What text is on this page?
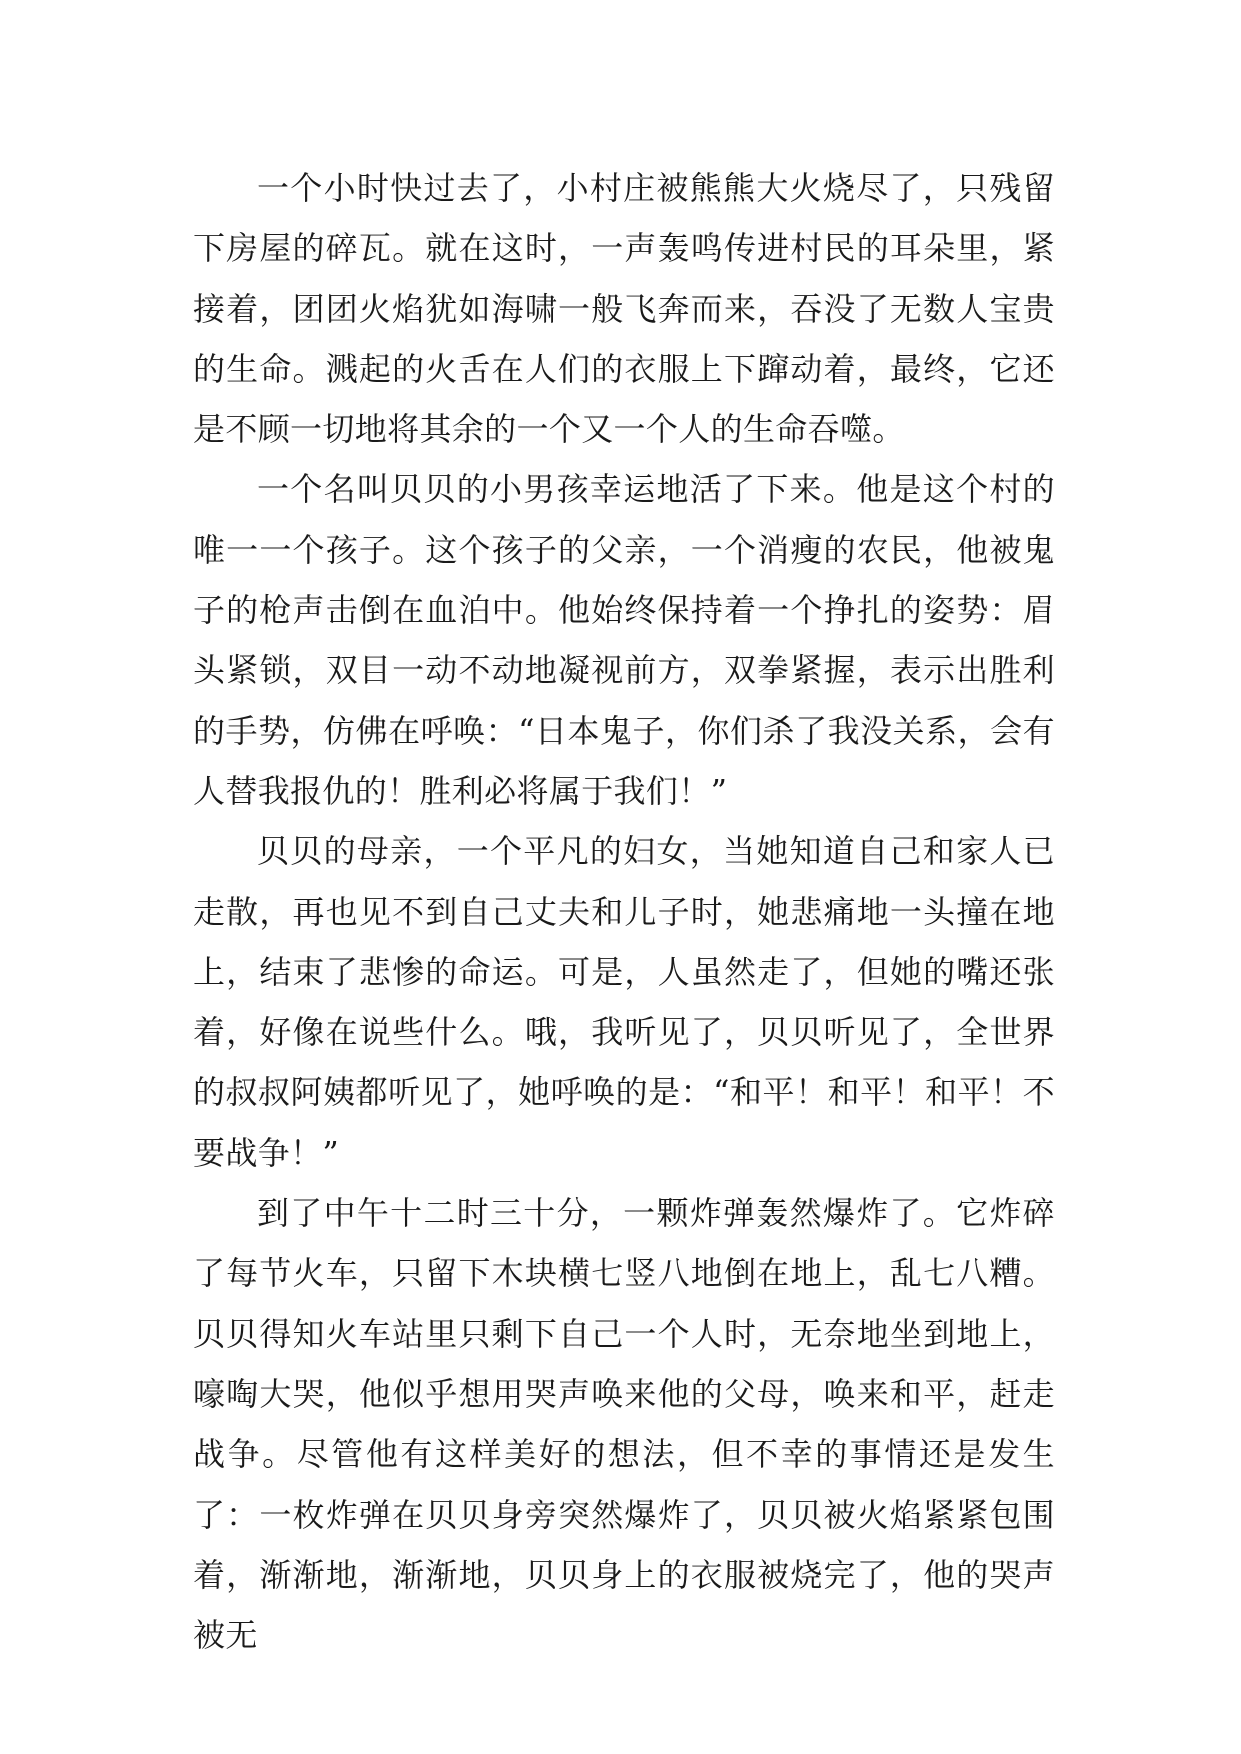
一个小时快过去了，小村庄被熊熊大火烧尽了，只残留下房屋的碎瓦。就在这时，一声轰鸣传进村民的耳朵里，紧接着，团团火焰犹如海啸一般飞奔而来，吞没了无数人宝贵的生命。溅起的火舌在人们的衣服上下蹿动着，最终，它还是不顾一切地将其余的一个又一个人的生命吞噬。

一个名叫贝贝的小男孩幸运地活了下来。他是这个村的唯一一个孩子。这个孩子的父亲，一个消瘦的农民，他被鬼子的枪声击倒在血泊中。他始终保持着一个挣扎的姿势：眉头紧锁，双目一动不动地凝视前方，双拳紧握，表示出胜利的手势，仿佛在呼唤：“日本鬼子，你们杀了我没关系，会有人替我报仇的！胜利必将属于我们！”

贝贝的母亲，一个平凡的妇女，当她知道自己和家人已走散，再也见不到自己丈夫和儿子时，她悲痛地一头撞在地上，结束了悲惨的命运。可是，人虽然走了，但她的嘴还张着，好像在说些什么。哦，我听见了，贝贝听见了，全世界的叔叔阿姨都听见了，她呼唤的是：“和平！和平！和平！不要战争！”

到了中午十二时三十分，一颗炸弹轰然爆炸了。它炸碎了每节火车，只留下木块横七竖八地倒在地上，乱七八糟。贝贝得知火车站里只剩下自己一个人时，无奈地坐到地上，嚎啕大哭，他似乎想用哭声唤来他的父母，唤来和平，赶走战争。尽管他有这样美好的想法，但不幸的事情还是发生了：一枚炸弹在贝贝身旁突然爆炸了，贝贝被火焰紧紧包围着，渐渐地，渐渐地，贝贝身上的衣服被烧完了，他的哭声被无
